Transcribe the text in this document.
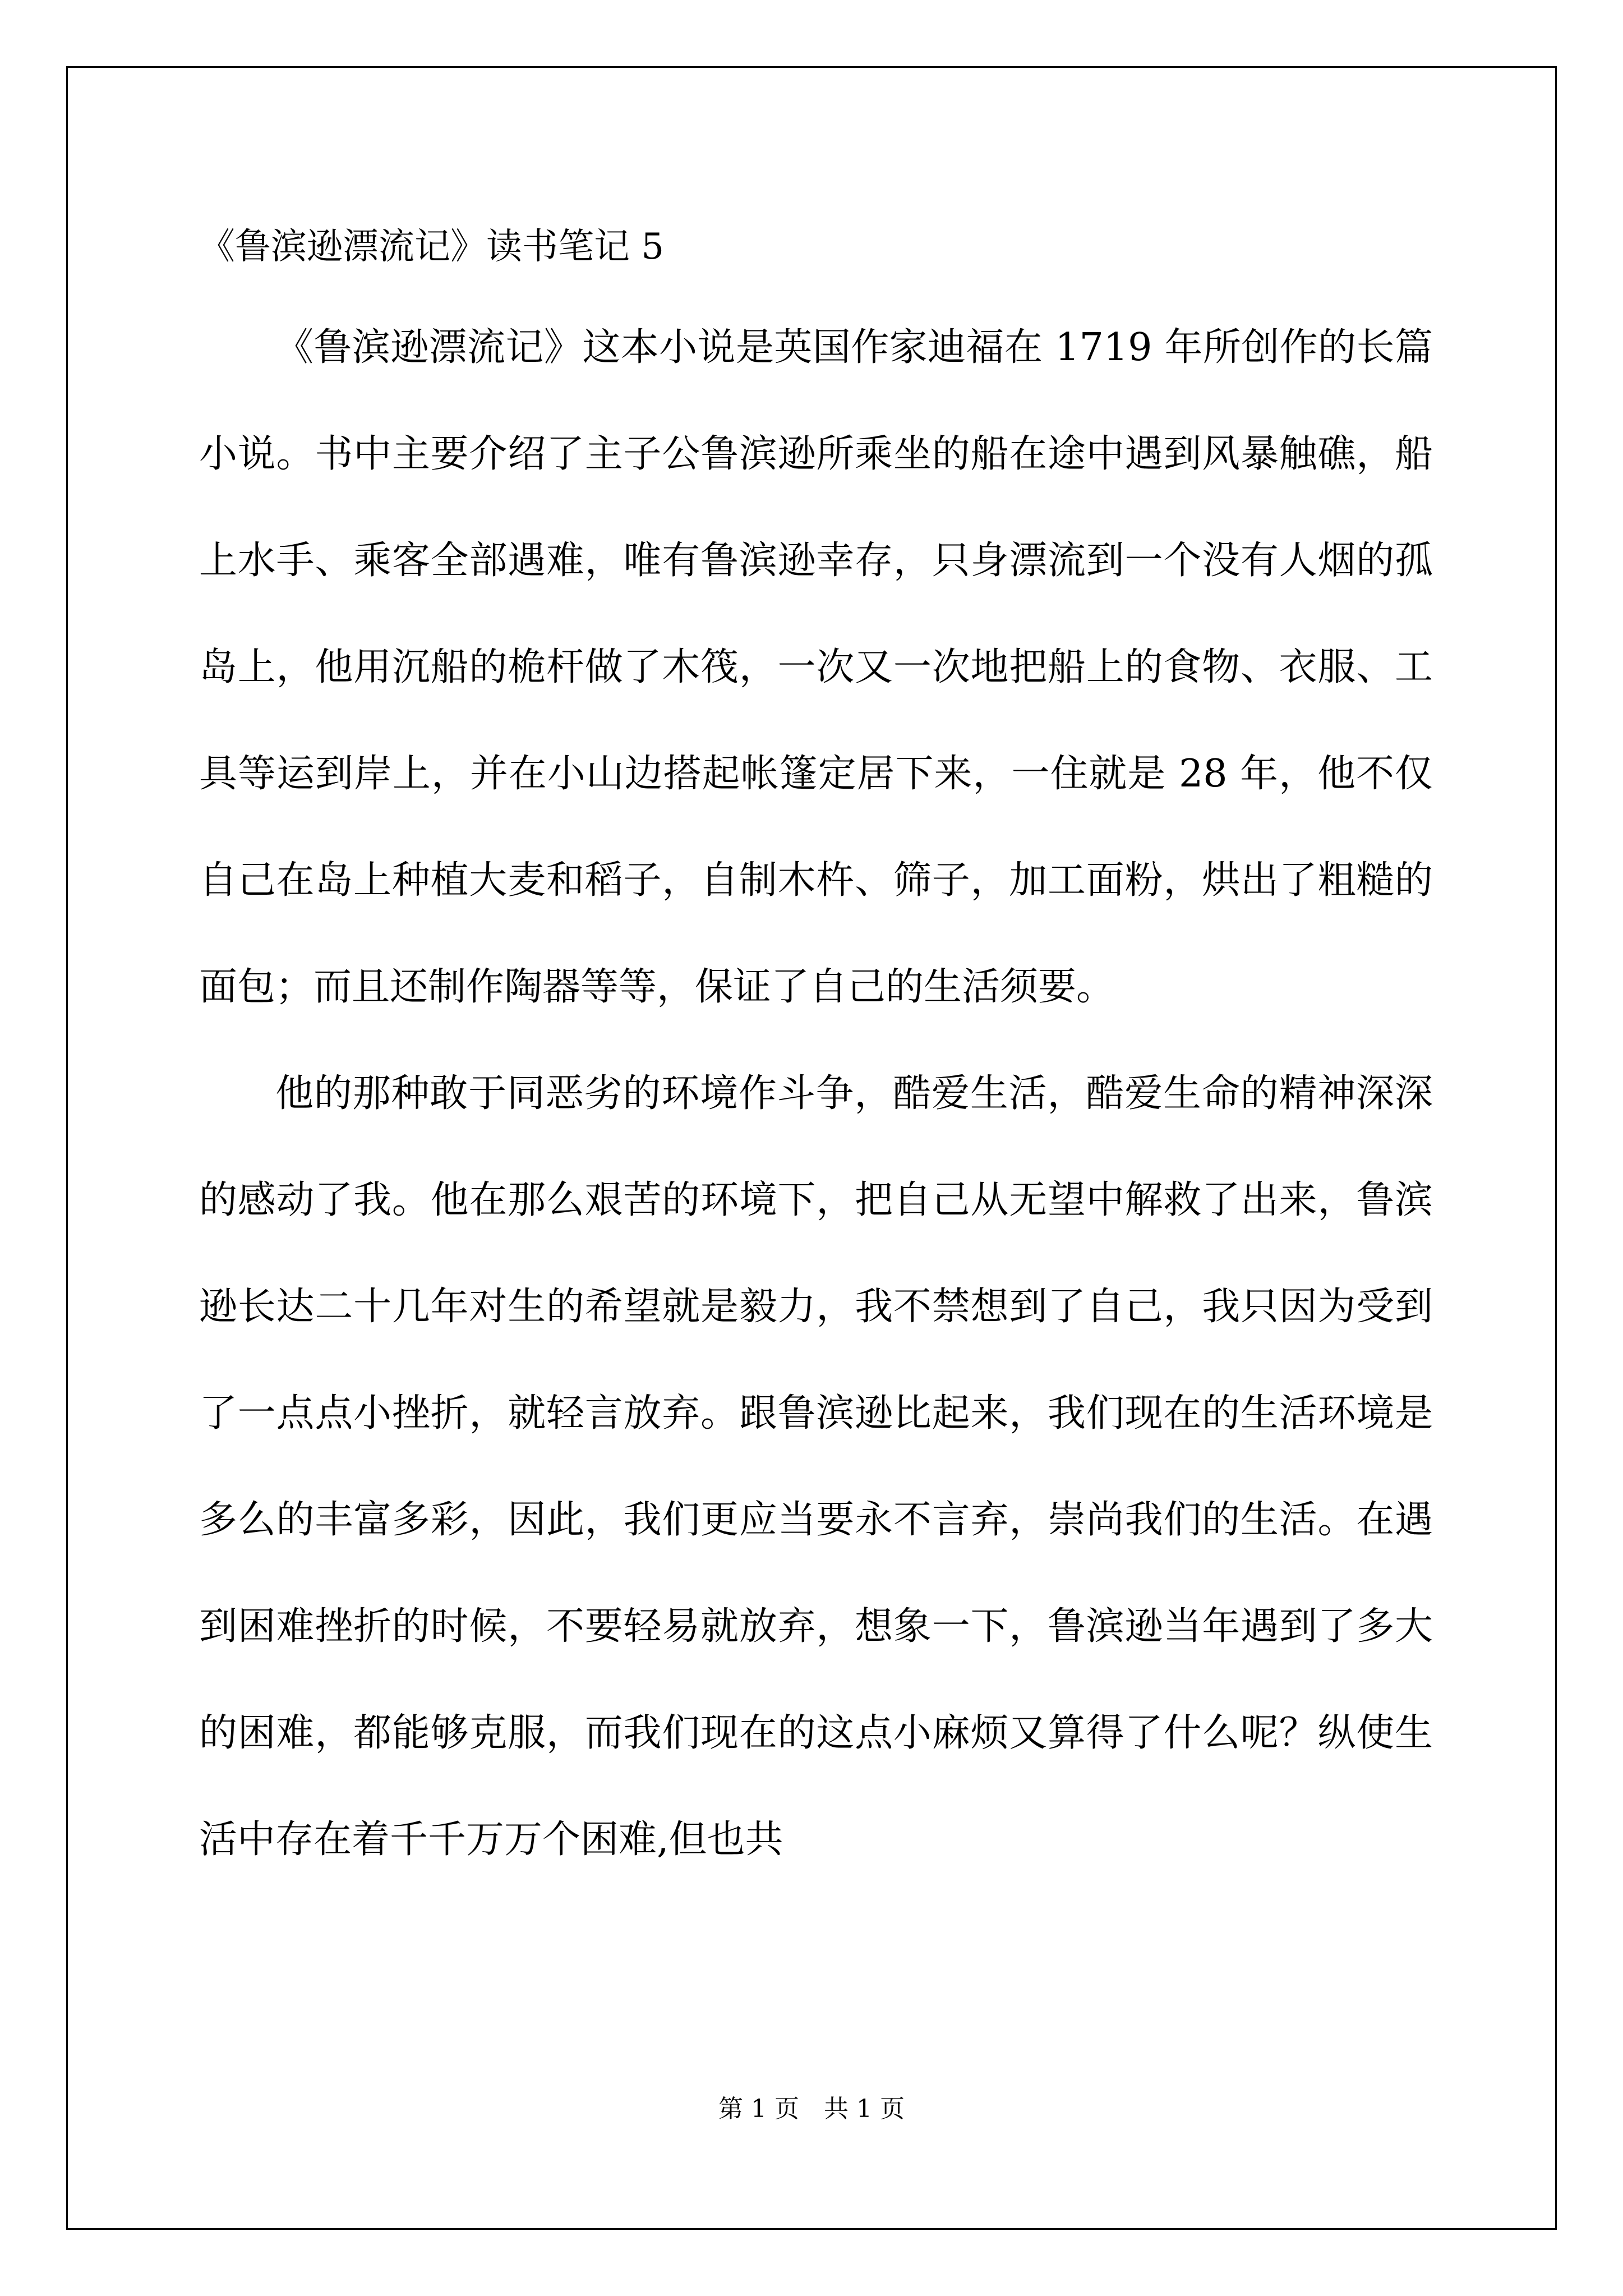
《鲁滨逊漂流记》读书笔记 5

《鲁滨逊漂流记》这本小说是英国作家迪福在 1719 年所创作的长篇小说。书中主要介绍了主子公鲁滨逊所乘坐的船在途中遇到风暴触礁，船上水手、乘客全部遇难，唯有鲁滨逊幸存，只身漂流到一个没有人烟的孤岛上，他用沉船的桅杆做了木筏，一次又一次地把船上的食物、衣服、工具等运到岸上，并在小山边搭起帐篷定居下来，一住就是 28 年，他不仅自己在岛上种植大麦和稻子，自制木杵、筛子，加工面粉，烘出了粗糙的面包；而且还制作陶器等等，保证了自己的生活须要。

他的那种敢于同恶劣的环境作斗争，酷爱生活，酷爱生命的精神深深的感动了我。他在那么艰苦的环境下，把自己从无望中解救了出来，鲁滨逊长达二十几年对生的希望就是毅力，我不禁想到了自己，我只因为受到了一点点小挫折，就轻言放弃。跟鲁滨逊比起来，我们现在的生活环境是多么的丰富多彩，因此，我们更应当要永不言弃，崇尚我们的生活。在遇到困难挫折的时候，不要轻易就放弃，想象一下，鲁滨逊当年遇到了多大的困难，都能够克服，而我们现在的这点小麻烦又算得了什么呢？纵使生活中存在着千千万万个困难,但也共

第 1 页 共 1 页
